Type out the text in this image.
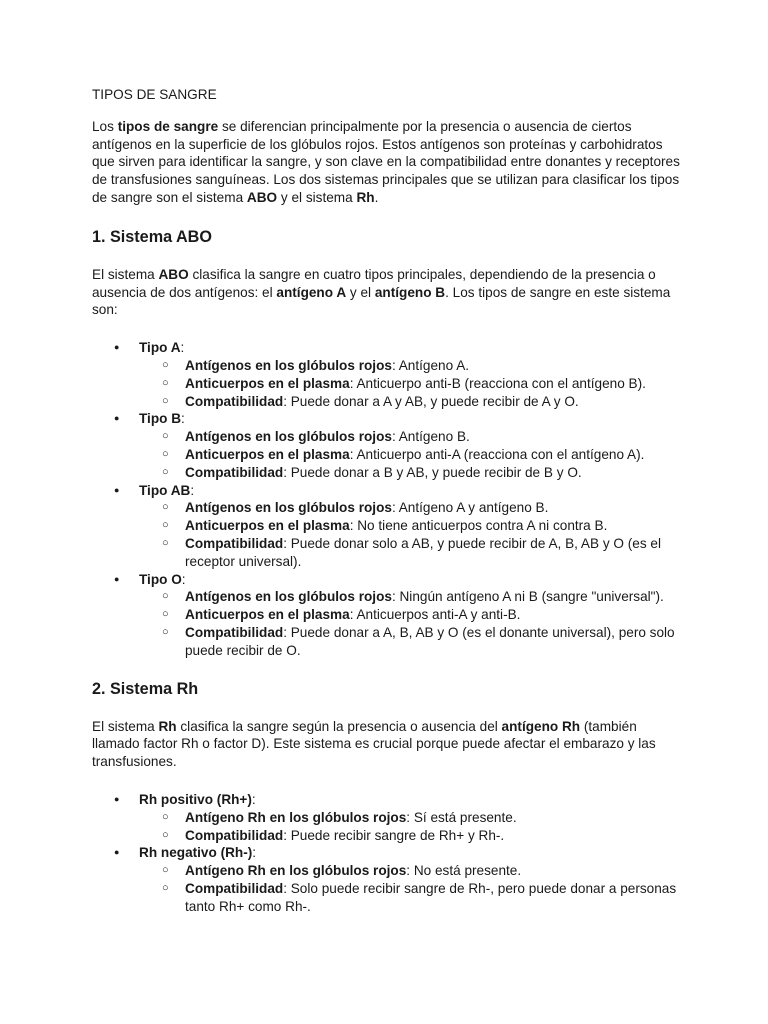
TIPOS DE SANGRE

Los tipos de sangre se diferencian principalmente por la presencia o ausencia de ciertos antígenos en la superficie de los glóbulos rojos. Estos antígenos son proteínas y carbohidratos que sirven para identificar la sangre, y son clave en la compatibilidad entre donantes y receptores de transfusiones sanguíneas. Los dos sistemas principales que se utilizan para clasificar los tipos de sangre son el sistema ABO y el sistema Rh.

1. Sistema ABO

El sistema ABO clasifica la sangre en cuatro tipos principales, dependiendo de la presencia o ausencia de dos antígenos: el antígeno A y el antígeno B. Los tipos de sangre en este sistema son:

● Tipo A:
○ Antígenos en los glóbulos rojos: Antígeno A.
○ Anticuerpos en el plasma: Anticuerpo anti-B (reacciona con el antígeno B).
○ Compatibilidad: Puede donar a A y AB, y puede recibir de A y O.
● Tipo B:
○ Antígenos en los glóbulos rojos: Antígeno B.
○ Anticuerpos en el plasma: Anticuerpo anti-A (reacciona con el antígeno A).
○ Compatibilidad: Puede donar a B y AB, y puede recibir de B y O.
● Tipo AB:
○ Antígenos en los glóbulos rojos: Antígeno A y antígeno B.
○ Anticuerpos en el plasma: No tiene anticuerpos contra A ni contra B.
○ Compatibilidad: Puede donar solo a AB, y puede recibir de A, B, AB y O (es el receptor universal).
● Tipo O:
○ Antígenos en los glóbulos rojos: Ningún antígeno A ni B (sangre "universal").
○ Anticuerpos en el plasma: Anticuerpos anti-A y anti-B.
○ Compatibilidad: Puede donar a A, B, AB y O (es el donante universal), pero solo puede recibir de O.
2. Sistema Rh

El sistema Rh clasifica la sangre según la presencia o ausencia del antígeno Rh (también llamado factor Rh o factor D). Este sistema es crucial porque puede afectar el embarazo y las transfusiones.

● Rh positivo (Rh+):
○ Antígeno Rh en los glóbulos rojos: Sí está presente.
○ Compatibilidad: Puede recibir sangre de Rh+ y Rh-.
● Rh negativo (Rh-):
○ Antígeno Rh en los glóbulos rojos: No está presente.
○ Compatibilidad: Solo puede recibir sangre de Rh-, pero puede donar a personas tanto Rh+ como Rh-.
